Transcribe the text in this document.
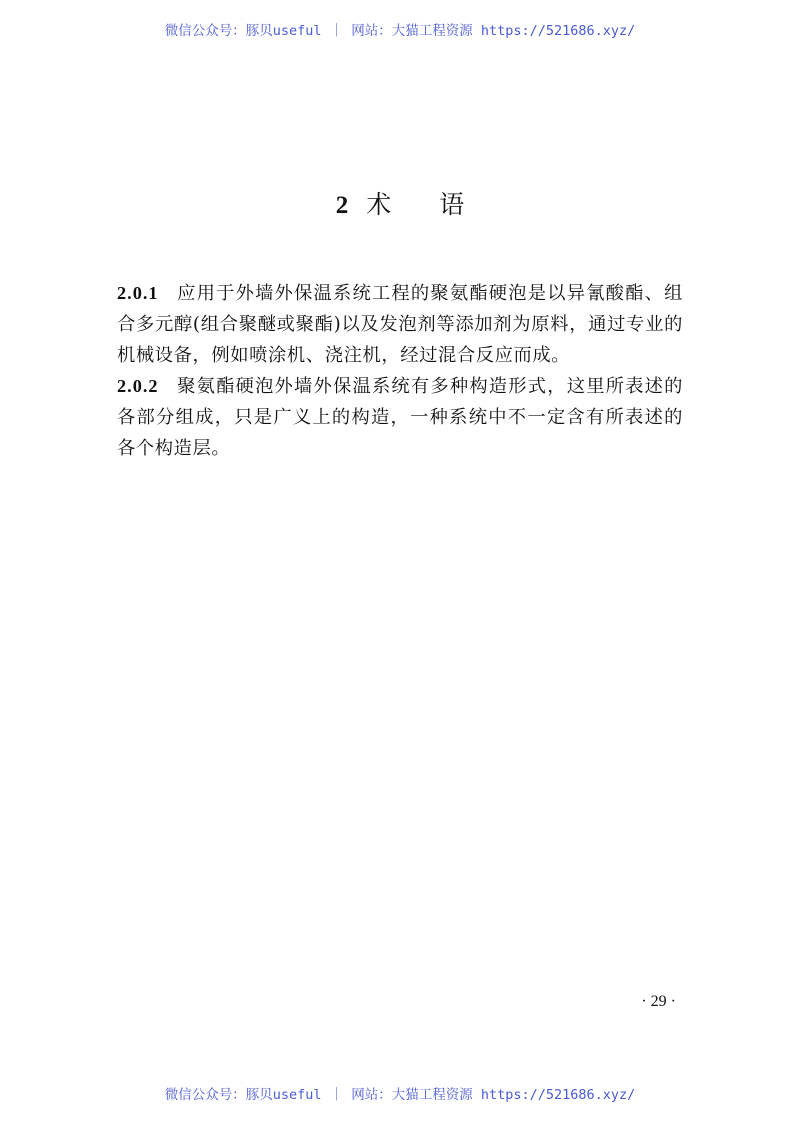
微信公众号：豚贝useful ｜ 网站：大猫工程资源 https://521686.xyz/
2 术 语

2.0.1 应用于外墙外保温系统工程的聚氨酯硬泡是以异氰酸酯、组合多元醇(组合聚醚或聚酯)以及发泡剂等添加剂为原料，通过专业的机械设备，例如喷涂机、浇注机，经过混合反应而成。

2.0.2 聚氨酯硬泡外墙外保温系统有多种构造形式，这里所表述的各部分组成，只是广义上的构造，一种系统中不一定含有所表述的各个构造层。

· 29 ·
微信公众号：豚贝useful ｜ 网站：大猫工程资源 https://521686.xyz/
